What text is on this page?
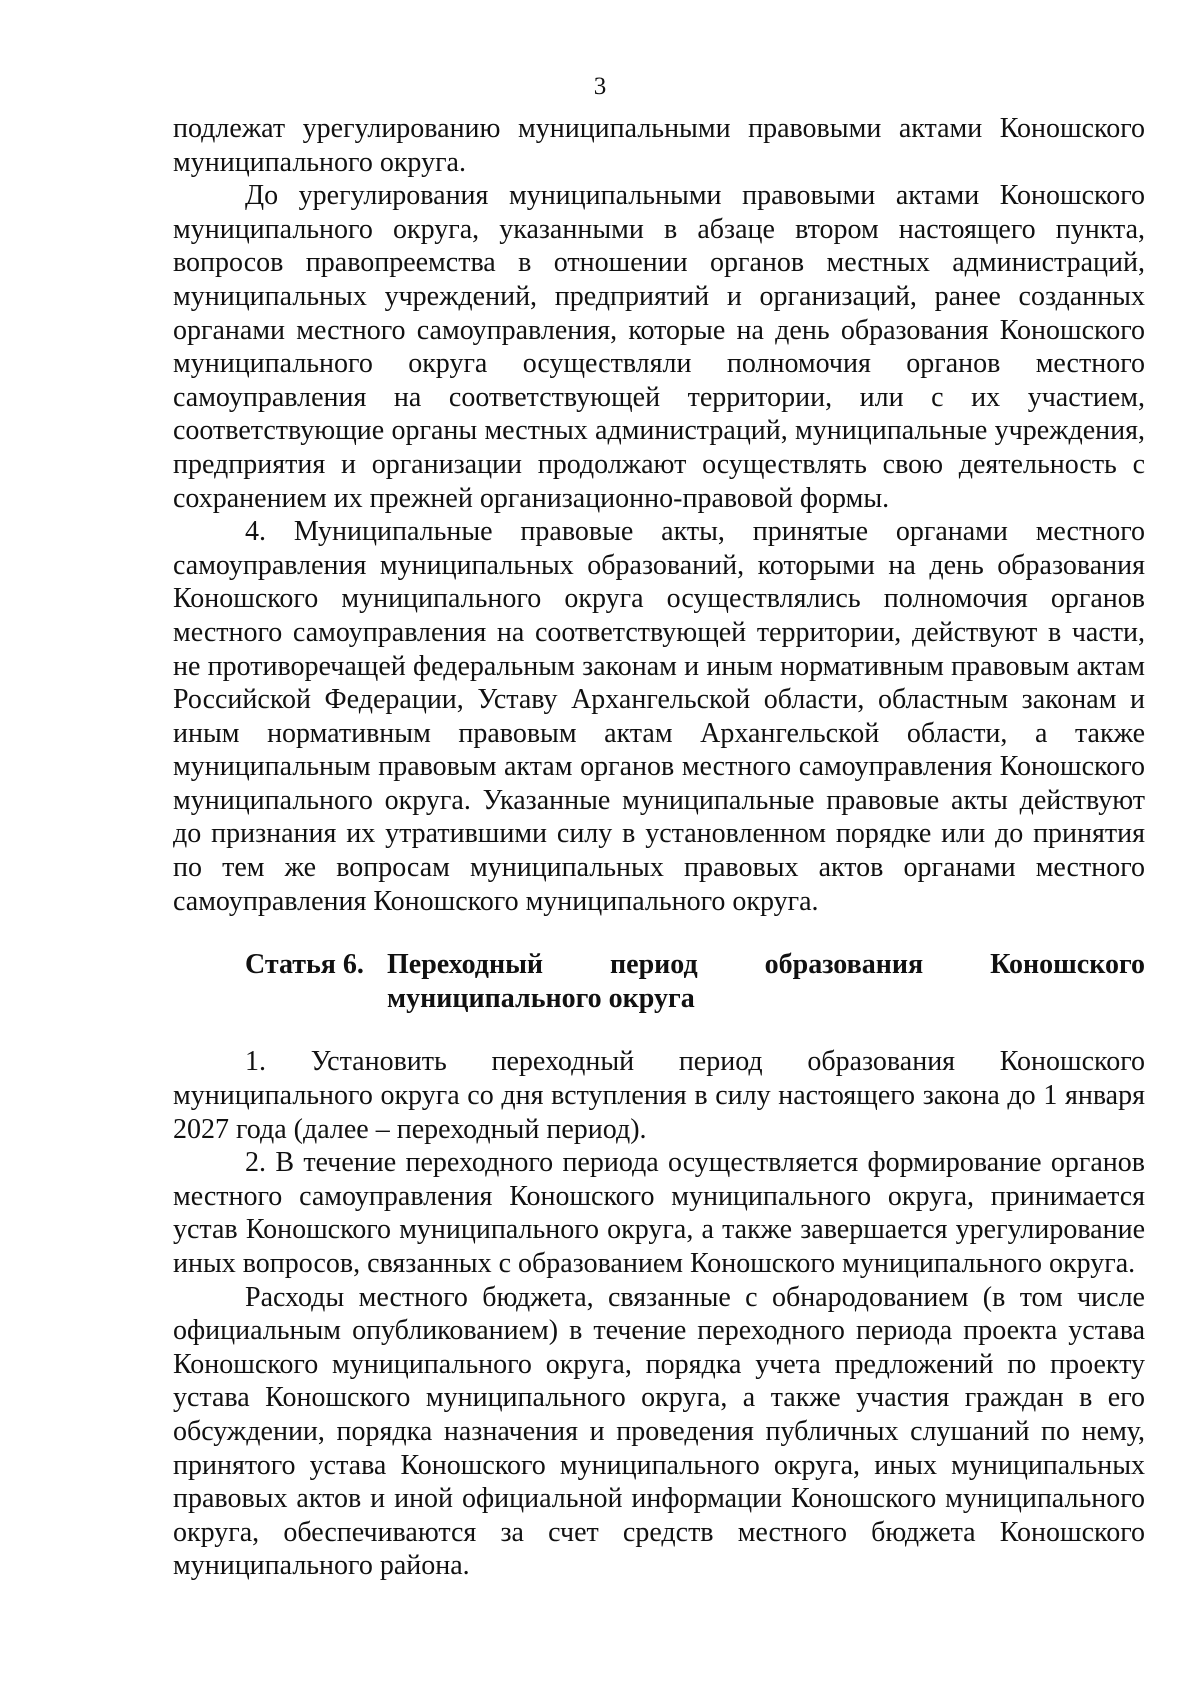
3

подлежат урегулированию муниципальными правовыми актами Коношского муниципального округа.

До урегулирования муниципальными правовыми актами Коношского муниципального округа, указанными в абзаце втором настоящего пункта, вопросов правопреемства в отношении органов местных администраций, муниципальных учреждений, предприятий и организаций, ранее созданных органами местного самоуправления, которые на день образования Коношского муниципального округа осуществляли полномочия органов местного самоуправления на соответствующей территории, или с их участием, соответствующие органы местных администраций, муниципальные учреждения, предприятия и организации продолжают осуществлять свою деятельность с сохранением их прежней организационно-правовой формы.

4. Муниципальные правовые акты, принятые органами местного самоуправления муниципальных образований, которыми на день образования Коношского муниципального округа осуществлялись полномочия органов местного самоуправления на соответствующей территории, действуют в части, не противоречащей федеральным законам и иным нормативным правовым актам Российской Федерации, Уставу Архангельской области, областным законам и иным нормативным правовым актам Архангельской области, а также муниципальным правовым актам органов местного самоуправления Коношского муниципального округа. Указанные муниципальные правовые акты действуют до признания их утратившими силу в установленном порядке или до принятия по тем же вопросам муниципальных правовых актов органами местного самоуправления Коношского муниципального округа.

Статья 6. Переходный период образования Коношского
муниципального округа

1. Установить переходный период образования Коношского муниципального округа со дня вступления в силу настоящего закона до 1 января 2027 года (далее – переходный период).

2. В течение переходного периода осуществляется формирование органов местного самоуправления Коношского муниципального округа, принимается устав Коношского муниципального округа, а также завершается урегулирование иных вопросов, связанных с образованием Коношского муниципального округа.

Расходы местного бюджета, связанные с обнародованием (в том числе официальным опубликованием) в течение переходного периода проекта устава Коношского муниципального округа, порядка учета предложений по проекту устава Коношского муниципального округа, а также участия граждан в его обсуждении, порядка назначения и проведения публичных слушаний по нему, принятого устава Коношского муниципального округа, иных муниципальных правовых актов и иной официальной информации Коношского муниципального округа, обеспечиваются за счет средств местного бюджета Коношского муниципального района.
